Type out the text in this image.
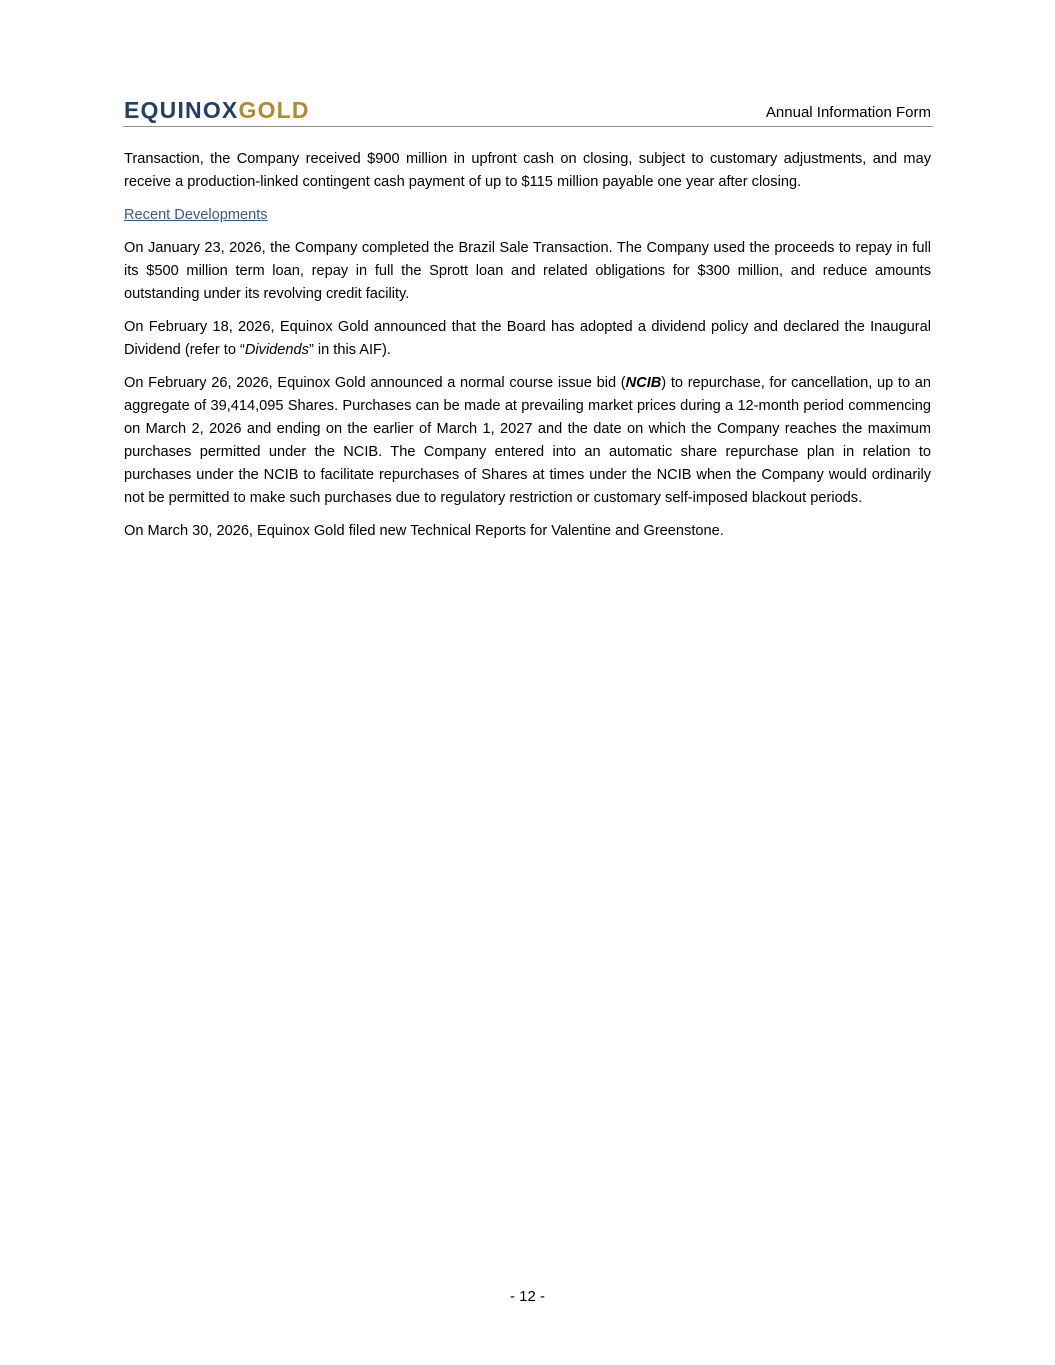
EQUINOXGOLD	Annual Information Form

Transaction, the Company received $900 million in upfront cash on closing, subject to customary adjustments, and may receive a production-linked contingent cash payment of up to $115 million payable one year after closing.

Recent Developments

On January 23, 2026, the Company completed the Brazil Sale Transaction. The Company used the proceeds to repay in full its $500 million term loan, repay in full the Sprott loan and related obligations for $300 million, and reduce amounts outstanding under its revolving credit facility.

On February 18, 2026, Equinox Gold announced that the Board has adopted a dividend policy and declared the Inaugural Dividend (refer to “Dividends” in this AIF).

On February 26, 2026, Equinox Gold announced a normal course issue bid (NCIB) to repurchase, for cancellation, up to an aggregate of 39,414,095 Shares. Purchases can be made at prevailing market prices during a 12-month period commencing on March 2, 2026 and ending on the earlier of March 1, 2027 and the date on which the Company reaches the maximum purchases permitted under the NCIB. The Company entered into an automatic share repurchase plan in relation to purchases under the NCIB to facilitate repurchases of Shares at times under the NCIB when the Company would ordinarily not be permitted to make such purchases due to regulatory restriction or customary self-imposed blackout periods.

On March 30, 2026, Equinox Gold filed new Technical Reports for Valentine and Greenstone.

- 12 -
